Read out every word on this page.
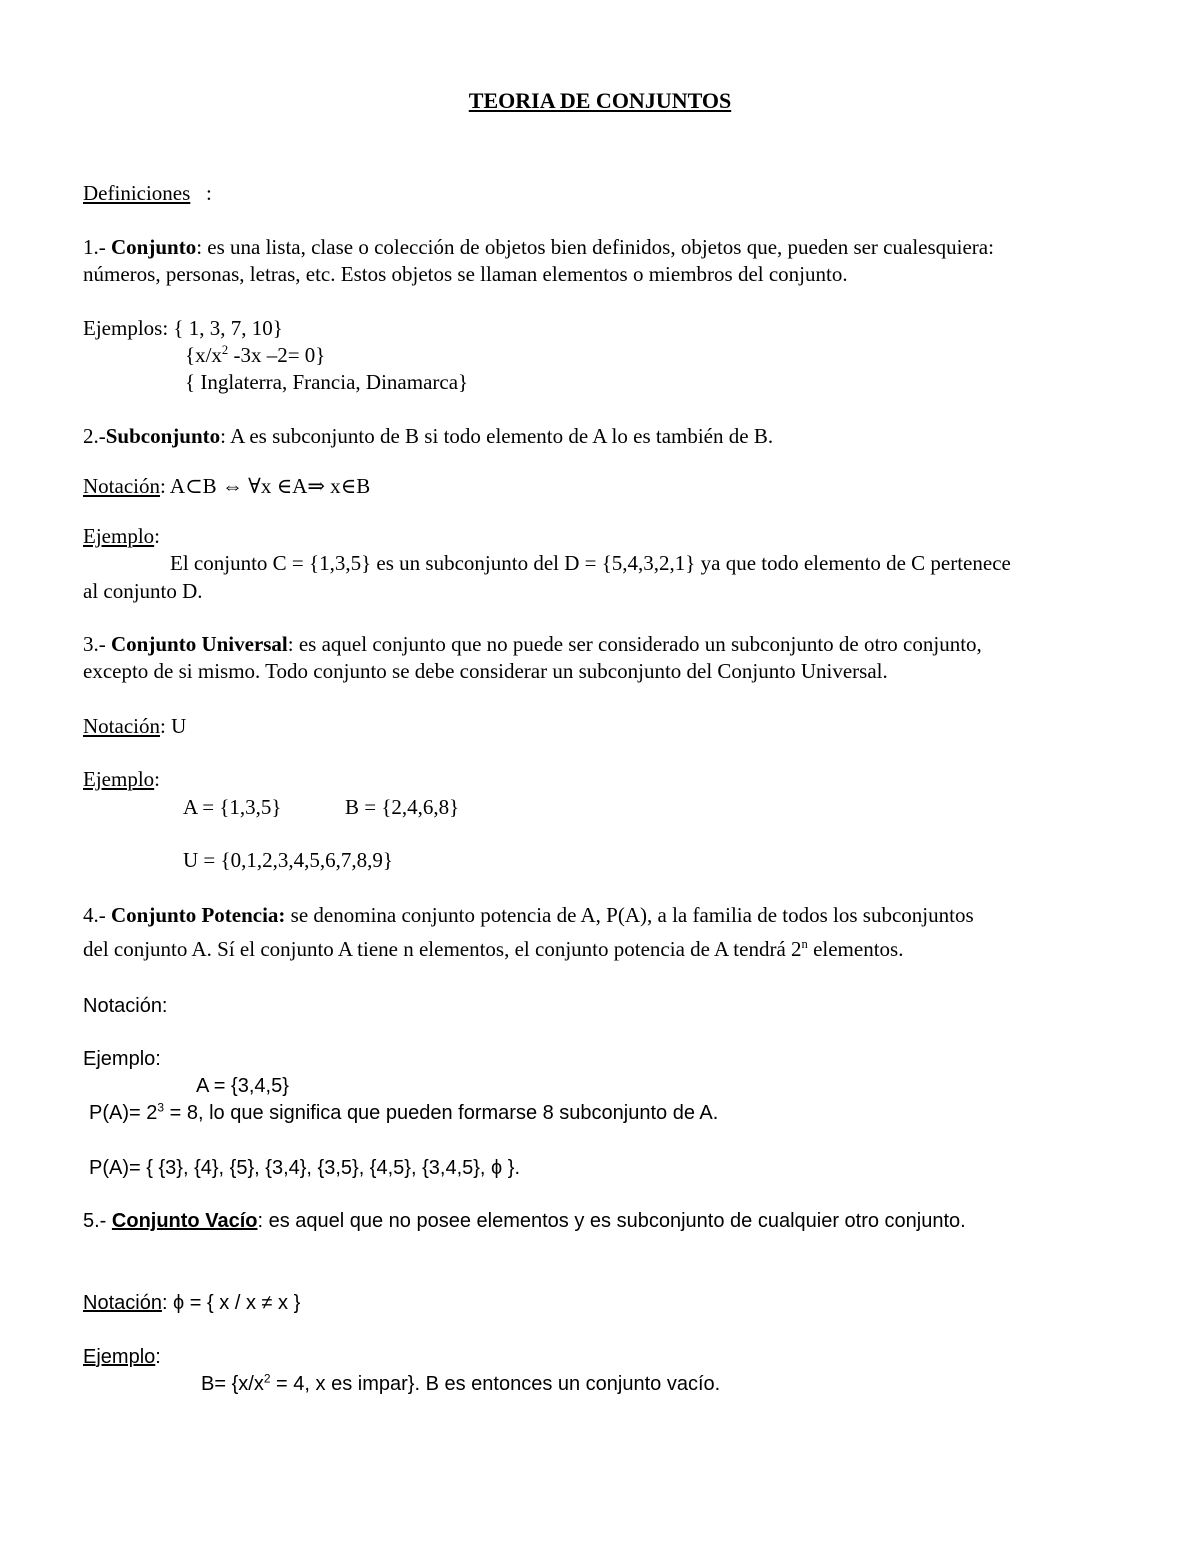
TEORIA DE CONJUNTOS
Definiciones :
1.- Conjunto: es una lista, clase o colección de objetos bien definidos, objetos que, pueden ser cualesquiera:
números, personas, letras, etc. Estos objetos se llaman elementos o miembros del conjunto.
Ejemplos: { 1, 3, 7, 10}
{$x/x^2$ -3x –2= 0}
{ Inglaterra, Francia, Dinamarca}
2.-Subconjunto: A es subconjunto de B si todo elemento de A lo es también de B.
Notación: A⊂B ⇔ ∀x ∈A⇒ x∈B
Ejemplo:
El conjunto C = {1,3,5} es un subconjunto del D = {5,4,3,2,1} ya que todo elemento de C pertenece
al conjunto D.
3.- Conjunto Universal: es aquel conjunto que no puede ser considerado un subconjunto de otro conjunto,
excepto de si mismo. Todo conjunto se debe considerar un subconjunto del Conjunto Universal.
Notación: U
Ejemplo:
A = {1,3,5}	B = {2,4,6,8}
U = {0,1,2,3,4,5,6,7,8,9}
4.- Conjunto Potencia: se denomina conjunto potencia de A, P(A), a la familia de todos los subconjuntos
del conjunto A. Sí el conjunto A tiene n elementos, el conjunto potencia de A tendrá 2$^n$ elementos.
Notación:
Ejemplo:
A = {3,4,5}
$P(A)= 2^3 = 8$, lo que significa que pueden formarse 8 subconjunto de A.
P(A)= { {3}, {4}, {5}, {3,4}, {3,5}, {4,5}, {3,4,5}, ϕ }.
5.- Conjunto Vacío: es aquel que no posee elementos y es subconjunto de cualquier otro conjunto.
Notación: ϕ = { x / x ≠ x }
Ejemplo:
$B= \{x/x^2 = 4$, x es impar}. B es entonces un conjunto vacío.
